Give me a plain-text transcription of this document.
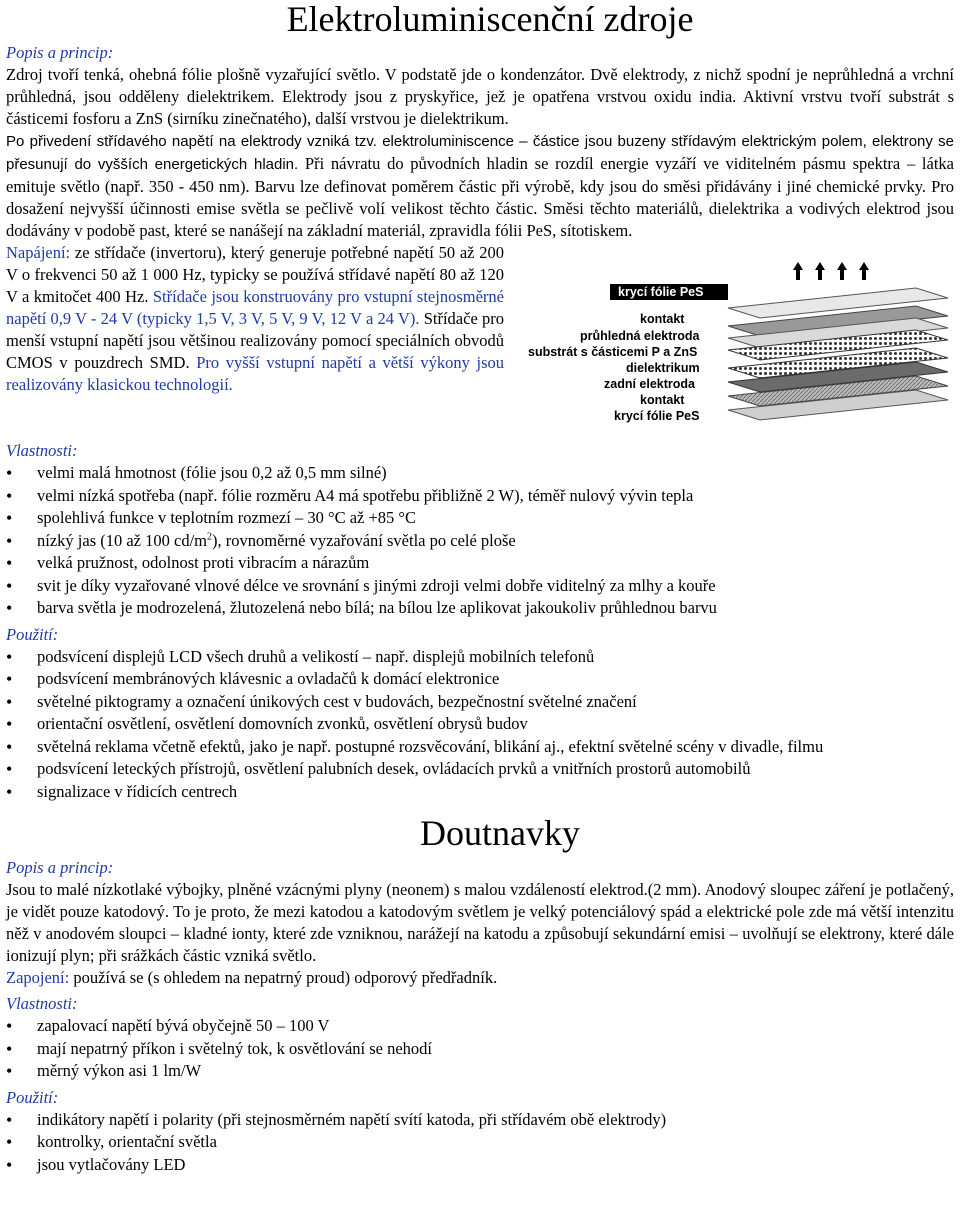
Elektroluminiscenční zdroje
Popis a princip:

Zdroj tvoří tenká, ohebná fólie plošně vyzařující světlo. V podstatě jde o kondenzátor. Dvě elektrody, z nichž spodní je neprůhledná a vrchní průhledná, jsou odděleny dielektrikem. Elektrody jsou z pryskyřice, jež je opatřena vrstvou oxidu india. Aktivní vrstvu tvoří substrát s částicemi fosforu a ZnS (sirníku zinečnatého), další vrstvou je dielektrikum.

Po přivedení střídavého napětí na elektrody vzniká tzv. elektroluminiscence – částice jsou buzeny střídavým elektrickým polem, elektrony se přesunují do vyšších energetických hladin. Při návratu do původních hladin se rozdíl energie vyzáří ve viditelném pásmu spektra – látka emituje světlo (např. 350 - 450 nm). Barvu lze definovat poměrem částic při výrobě, kdy jsou do směsi přidávány i jiné chemické prvky. Pro dosažení nejvyšší účinnosti emise světla se pečlivě volí velikost těchto částic. Směsi těchto materiálů, dielektrika a vodivých elektrod jsou dodávány v podobě past, které se nanášejí na základní materiál, zpravidla fólii PeS, sítotiskem.

Napájení: ze střídače (invertoru), který generuje potřebné napětí 50 až 200 V o frekvenci 50 až 1 000 Hz, typicky se používá střídavé napětí 80 až 120 V a kmitočet 400 Hz. Střídače jsou konstruovány pro vstupní stejnosměrné napětí 0,9 V - 24 V (typicky 1,5 V, 3 V, 5 V, 9 V, 12 V a 24 V). Střídače pro menší vstupní napětí jsou většinou realizovány pomocí speciálních obvodů CMOS v pouzdrech SMD. Pro vyšší vstupní napětí a větší výkony jsou realizovány klasickou technologií.

krycí fólie PeS
kontakt
průhledná elektroda
substrát s částicemi P a ZnS
dielektrikum
zadní elektroda
kontakt
krycí fólie PeS
Vlastnosti:
• velmi malá hmotnost (fólie jsou 0,2 až 0,5 mm silné)
• velmi nízká spotřeba (např. fólie rozměru A4 má spotřebu přibližně 2 W), téměř nulový vývin tepla
• spolehlivá funkce v teplotním rozmezí – 30 °C až +85 °C
• nízký jas (10 až 100 $cd/m^2$), rovnoměrné vyzařování světla po celé ploše
• velká pružnost, odolnost proti vibracím a nárazům
• svit je díky vyzařované vlnové délce ve srovnání s jinými zdroji velmi dobře viditelný za mlhy a kouře
• barva světla je modrozelená, žlutozelená nebo bílá; na bílou lze aplikovat jakoukoliv průhlednou barvu
Použití:
• podsvícení displejů LCD všech druhů a velikostí – např. displejů mobilních telefonů
• podsvícení membránových klávesnic a ovladačů k domácí elektronice
• světelné piktogramy a označení únikových cest v budovách, bezpečnostní světelné značení
• orientační osvětlení, osvětlení domovních zvonků, osvětlení obrysů budov
• světelná reklama včetně efektů, jako je např. postupné rozsvěcování, blikání aj., efektní světelné scény v divadle, filmu
• podsvícení leteckých přístrojů, osvětlení palubních desek, ovládacích prvků a vnitřních prostorů automobilů
• signalizace v řídicích centrech
Doutnavky
Popis a princip:

Jsou to malé nízkotlaké výbojky, plněné vzácnými plyny (neonem) s malou vzdáleností elektrod.(2 mm). Anodový sloupec záření je potlačený, je vidět pouze katodový. To je proto, že mezi katodou a katodovým světlem je velký potenciálový spád a elektrické pole zde má větší intenzitu něž v anodovém sloupci – kladné ionty, které zde vzniknou, narážejí na katodu a způsobují sekundární emisi – uvolňují se elektrony, které dále ionizují plyn; při srážkách částic vzniká světlo.

Zapojení: používá se (s ohledem na nepatrný proud) odporový předřadník.

Vlastnosti:
• zapalovací napětí bývá obyčejně 50 – 100 V
• mají nepatrný příkon i světelný tok, k osvětlování se nehodí
• měrný výkon asi 1 lm/W
Použití:
• indikátory napětí i polarity (při stejnosměrném napětí svítí katoda, při střídavém obě elektrody)
• kontrolky, orientační světla
• jsou vytlačovány LED
